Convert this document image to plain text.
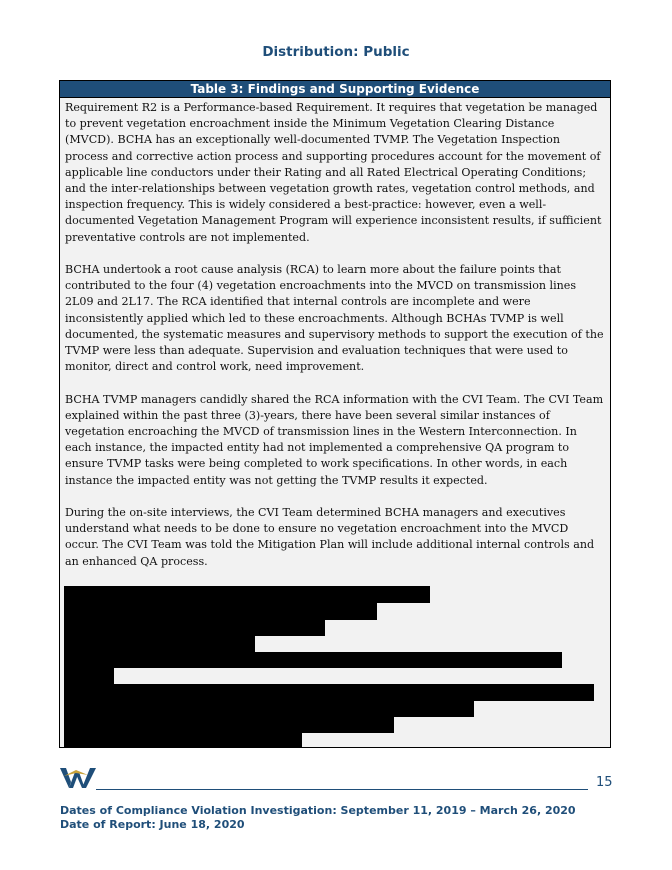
Distribution: Public
Table 3: Findings and Supporting Evidence

Requirement R2 is a Performance-based Requirement. It requires that vegetation be managed to prevent vegetation encroachment inside the Minimum Vegetation Clearing Distance (MVCD). BCHA has an exceptionally well-documented TVMP. The Vegetation Inspection process and corrective action process and supporting procedures account for the movement of applicable line conductors under their Rating and all Rated Electrical Operating Conditions; and the inter-relationships between vegetation growth rates, vegetation control methods, and inspection frequency. This is widely considered a best-practice: however, even a well-documented Vegetation Management Program will experience inconsistent results, if sufficient preventative controls are not implemented.

BCHA undertook a root cause analysis (RCA) to learn more about the failure points that contributed to the four (4) vegetation encroachments into the MVCD on transmission lines 2L09 and 2L17. The RCA identified that internal controls are incomplete and were inconsistently applied which led to these encroachments. Although BCHAs TVMP is well documented, the systematic measures and supervisory methods to support the execution of the TVMP were less than adequate. Supervision and evaluation techniques that were used to monitor, direct and control work, need improvement.

BCHA TVMP managers candidly shared the RCA information with the CVI Team. The CVI Team explained within the past three (3)-years, there have been several similar instances of vegetation encroaching the MVCD of transmission lines in the Western Interconnection. In each instance, the impacted entity had not implemented a comprehensive QA program to ensure TVMP tasks were being completed to work specifications. In other words, in each instance the impacted entity was not getting the TVMP results it expected.

During the on-site interviews, the CVI Team determined BCHA managers and executives understand what needs to be done to ensure no vegetation encroachment into the MVCD occur. The CVI Team was told the Mitigation Plan will include additional internal controls and an enhanced QA process.

15
Dates of Compliance Violation Investigation: September 11, 2019 – March 26, 2020
Date of Report: June 18, 2020
